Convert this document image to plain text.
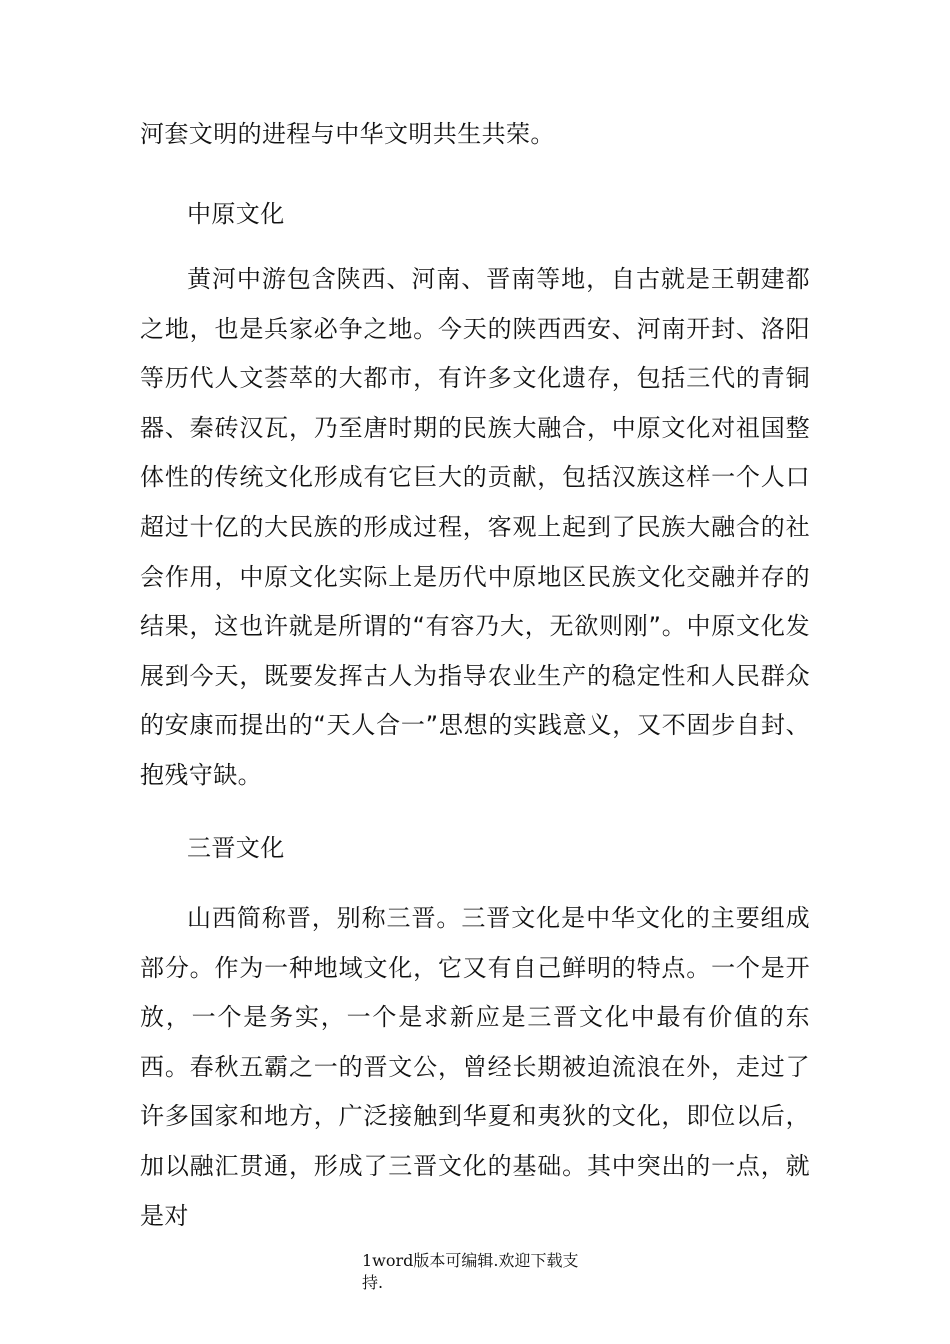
河套文明的进程与中华文明共生共荣。

中原文化

黄河中游包含陕西、河南、晋南等地，自古就是王朝建都之地，也是兵家必争之地。今天的陕西西安、河南开封、洛阳等历代人文荟萃的大都市，有许多文化遗存，包括三代的青铜器、秦砖汉瓦，乃至唐时期的民族大融合，中原文化对祖国整体性的传统文化形成有它巨大的贡献，包括汉族这样一个人口超过十亿的大民族的形成过程，客观上起到了民族大融合的社会作用，中原文化实际上是历代中原地区民族文化交融并存的结果，这也许就是所谓的“有容乃大，无欲则刚”。中原文化发展到今天，既要发挥古人为指导农业生产的稳定性和人民群众的安康而提出的“天人合一”思想的实践意义，又不固步自封、抱残守缺。

三晋文化

山西简称晋，别称三晋。三晋文化是中华文化的主要组成部分。作为一种地域文化，它又有自己鲜明的特点。一个是开放，一个是务实，一个是求新应是三晋文化中最有价值的东西。春秋五霸之一的晋文公，曾经长期被迫流浪在外，走过了许多国家和地方，广泛接触到华夏和夷狄的文化，即位以后，加以融汇贯通，形成了三晋文化的基础。其中突出的一点，就是对

1word版本可编辑.欢迎下载支持.
